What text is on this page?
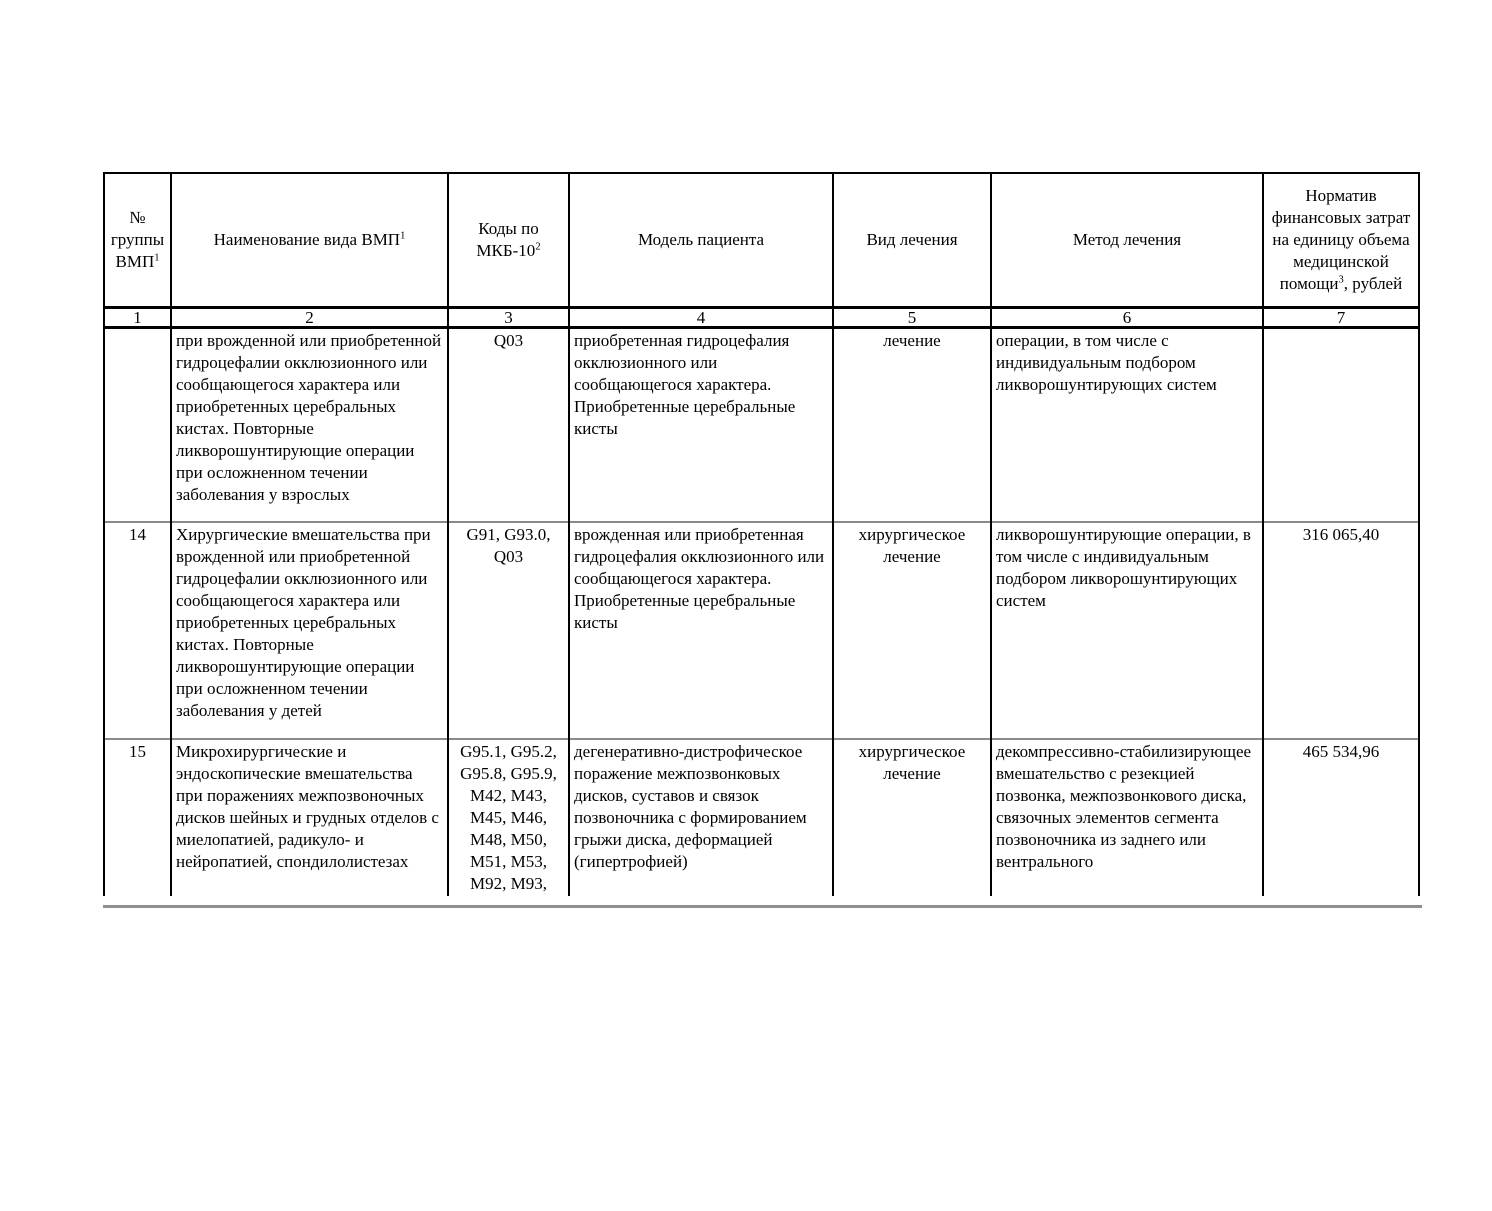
№ группы ВМП$^1$	Наименование вида ВМП$^1$	Коды по МКБ-$10^2$	Модель пациента	Вид лечения	Метод лечения	Норматив финансовых затрат на единицу объема медицинской помощи$^3$, рублей
1	2	3	4	5	6	7
	при врожденной или приобретенной гидроцефалии окклюзионного или сообщающегося характера или приобретенных церебральных кистах. Повторные ликворошунтирующие операции при осложненном течении заболевания у взрослых	Q03	приобретенная гидроцефалия окклюзионного или сообщающегося характера. Приобретенные церебральные кисты	лечение	операции, в том числе с индивидуальным подбором ликворошунтирующих систем	
14	Хирургические вмешательства при врожденной или приобретенной гидроцефалии окклюзионного или сообщающегося характера или приобретенных церебральных кистах. Повторные ликворошунтирующие операции при осложненном течении заболевания у детей	G91, G93.0, Q03	врожденная или приобретенная гидроцефалия окклюзионного или сообщающегося характера. Приобретенные церебральные кисты	хирургическое лечение	ликворошунтирующие операции, в том числе с индивидуальным подбором ликворошунтирующих систем	316 065,40
15	Микрохирургические и эндоскопические вмешательства при поражениях межпозвоночных дисков шейных и грудных отделов с миелопатией, радикуло- и нейропатией, спондилолистезах	G95.1, G95.2, G95.8, G95.9, M42, M43, M45, M46, M48, M50, M51, M53, M92, M93,	дегенеративно-дистрофическое поражение межпозвонковых дисков, суставов и связок позвоночника с формированием грыжи диска, деформацией (гипертрофией)	хирургическое лечение	декомпрессивно-стабилизирующее вмешательство с резекцией позвонка, межпозвонкового диска, связочных элементов сегмента позвоночника из заднего или вентрального	465 534,96
